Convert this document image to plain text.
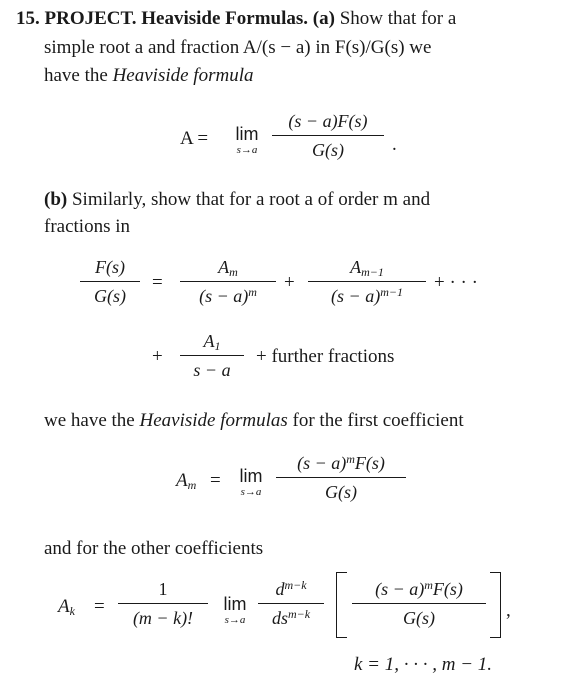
15. PROJECT. Heaviside Formulas. (a) Show that for a
simple root a and fraction A/(s − a) in F(s)/G(s) we
have the Heaviside formula
A =	lim
s→a
(s − a)F(s)
G(s)	.
(b) Similarly, show that for a root a of order m and
fractions in
F(s)
G(s)
=
$A_m$
$(s - a)^m$ +
$A_{m-1}$
$(s - a)^{m-1}$ + · · ·
+
$A_1$
s − a
+ further fractions
we have the Heaviside formulas for the first coefficient
$A_m$ =	lim
s→a
$(s - a)^mF(s)$
G(s)
and for the other coefficients
$A_k$ =
1
(m − k)!
lim
s→a
$d^{m-k}$
$ds^{m-k}$
$(s - a)^mF(s)$
G(s)	,
k = 1, · · · , m − 1.
